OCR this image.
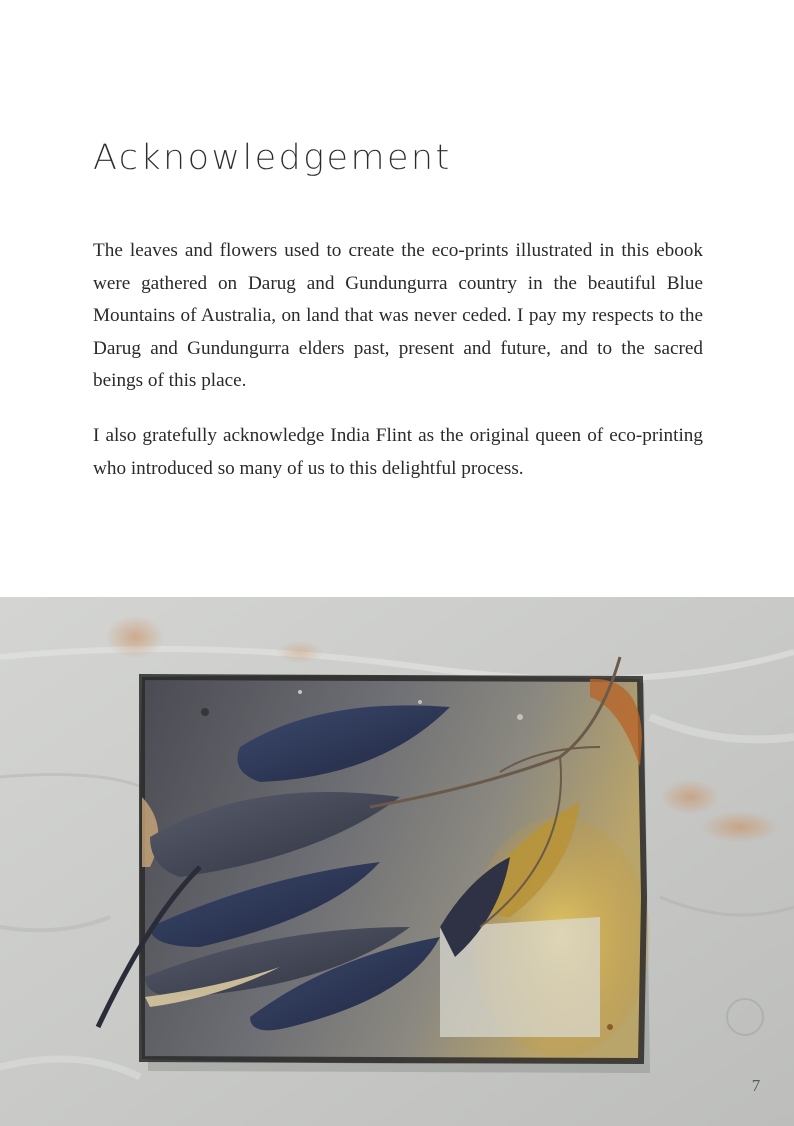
Acknowledgement

The leaves and flowers used to create the eco-prints illustrated in this ebook were gathered on Darug and Gundungurra country in the beautiful Blue Mountains of Australia, on land that was never ceded. I pay my respects to the Darug and Gundungurra elders past, present and future, and to the sacred beings of this place.

I also gratefully acknowledge India Flint as the original queen of eco-printing who introduced so many of us to this delightful process.

7
